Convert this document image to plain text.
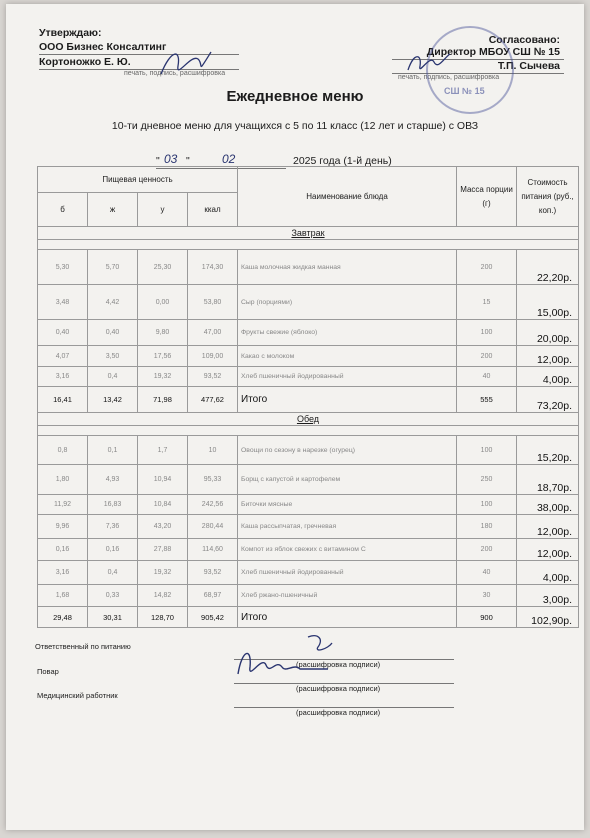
Утверждаю:
ООО Бизнес Консалтинг
Кортоножко Е. Ю.
печать, подпись, расшифровка
Согласовано:
Директор МБОУ СШ № 15
Т.П. Сычева
печать, подпись, расшифровка
СШ № 15
Ежедневное меню
10-ти дневное меню для учащихся с 5 по 11 класс (12 лет и старше) с ОВЗ
" 03 "	02	2025 года (1-й день)
Пищевая ценность				Наименование блюда	Масса порции (г)	Стоимость питания (руб., коп.)
б	ж	у	ккал			
Завтрак						

5,30	5,70	25,30	174,30	Каша молочная жидкая манная	200	22,20р.
3,48	4,42	0,00	53,80	Сыр (порциями)	15	15,00р.
0,40	0,40	9,80	47,00	Фрукты свежие (яблоко)	100	20,00р.
4,07	3,50	17,56	109,00	Какао с молоком	200	12,00р.
3,16	0,4	19,32	93,52	Хлеб пшеничный йодированный	40	4,00р.
16,41	13,42	71,98	477,62	Итого	555	73,20р.
Обед						

0,8	0,1	1,7	10	Овощи по сезону в нарезке (огурец)	100	15,20р.
1,80	4,93	10,94	95,33	Борщ с капустой и картофелем	250	18,70р.
11,92	16,83	10,84	242,56	Биточки мясные	100	38,00р.
9,96	7,36	43,20	280,44	Каша рассыпчатая, гречневая	180	12,00р.
0,16	0,16	27,88	114,60	Компот из яблок свежих с витамином С	200	12,00р.
3,16	0,4	19,32	93,52	Хлеб пшеничный йодированный	40	4,00р.
1,68	0,33	14,82	68,97	Хлеб ржано-пшеничный	30	3,00р.
29,48	30,31	128,70	905,42	Итого	900	102,90р.
Ответственный по питанию
(расшифровка подписи)
Повар
(расшифровка подписи)
Медицинский работник
(расшифровка подписи)
